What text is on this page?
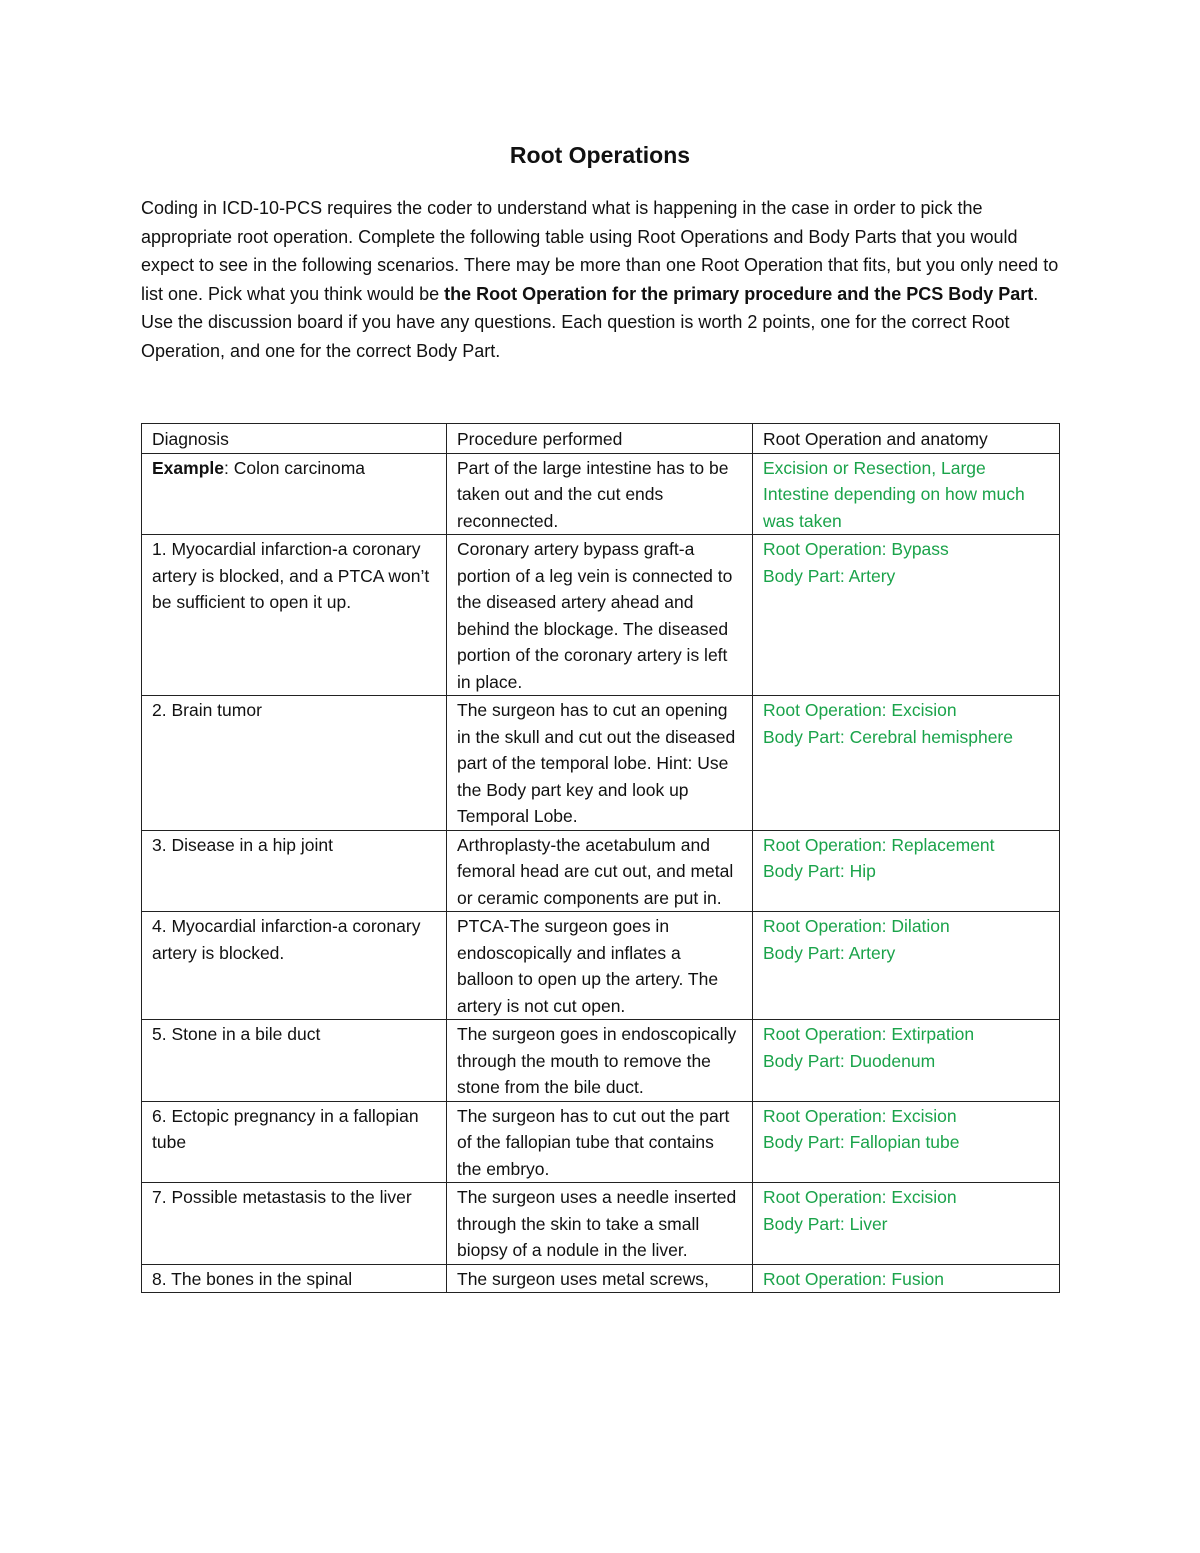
Root Operations

Coding in ICD-10-PCS requires the coder to understand what is happening in the case in order to pick the appropriate root operation. Complete the following table using Root Operations and Body Parts that you would expect to see in the following scenarios. There may be more than one Root Operation that fits, but you only need to list one. Pick what you think would be the Root Operation for the primary procedure and the PCS Body Part. Use the discussion board if you have any questions. Each question is worth 2 points, one for the correct Root Operation, and one for the correct Body Part.

Diagnosis	Procedure performed	Root Operation and anatomy
Example: Colon carcinoma	Part of the large intestine has to be taken out and the cut ends reconnected.	Excision or Resection, Large Intestine depending on how much was taken
1. Myocardial infarction-a coronary artery is blocked, and a PTCA won’t be sufficient to open it up.	Coronary artery bypass graft-a portion of a leg vein is connected to the diseased artery ahead and behind the blockage. The diseased portion of the coronary artery is left in place.	Root Operation: Bypass
Body Part: Artery

2. Brain tumor	The surgeon has to cut an opening in the skull and cut out the diseased part of the temporal lobe. Hint: Use the Body part key and look up Temporal Lobe.	Root Operation: Excision
Body Part: Cerebral hemisphere

3. Disease in a hip joint	Arthroplasty-the acetabulum and femoral head are cut out, and metal or ceramic components are put in.	Root Operation: Replacement
Body Part: Hip

4. Myocardial infarction-a coronary artery is blocked.	PTCA-The surgeon goes in endoscopically and inflates a balloon to open up the artery. The artery is not cut open.	Root Operation: Dilation
Body Part: Artery

5. Stone in a bile duct	The surgeon goes in endoscopically through the mouth to remove the stone from the bile duct.	Root Operation: Extirpation
Body Part: Duodenum

6. Ectopic pregnancy in a fallopian tube	The surgeon has to cut out the part of the fallopian tube that contains the embryo.	Root Operation: Excision
Body Part: Fallopian tube

7. Possible metastasis to the liver	The surgeon uses a needle inserted through the skin to take a small biopsy of a nodule in the liver.	Root Operation: Excision
Body Part: Liver

8. The bones in the spinal	The surgeon uses metal screws,	Root Operation: Fusion
